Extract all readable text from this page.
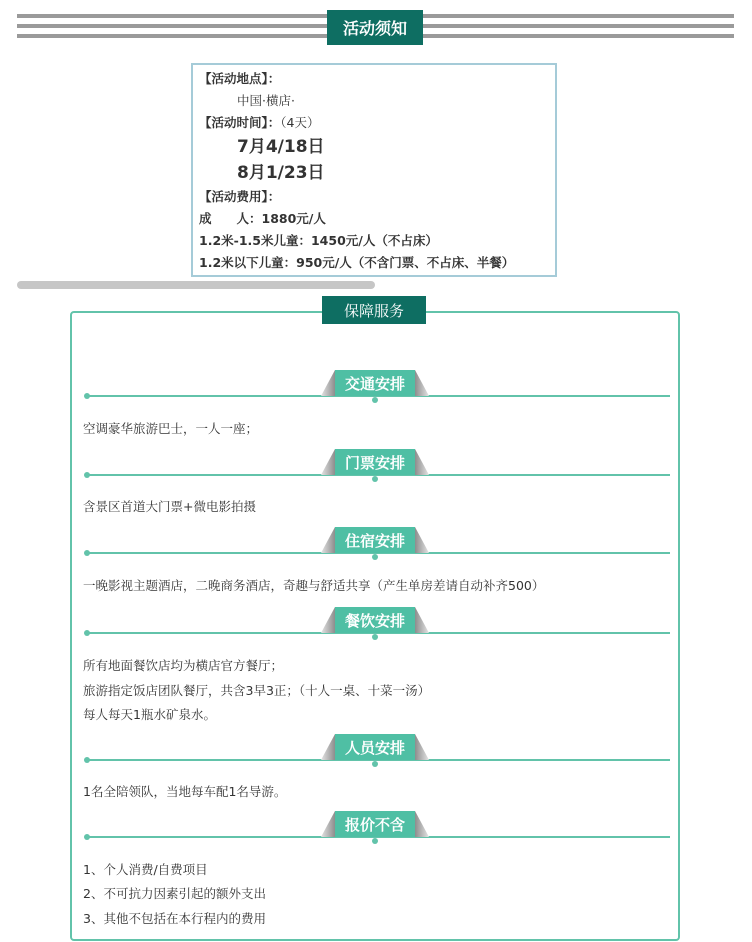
活动须知
【活动地点】：
中国·横店·
【活动时间】：（4天）
7月4/18日
8月1/23日
【活动费用】：
成　　人：1880元/人
1.2米-1.5米儿童：1450元/人（不占床）
1.2米以下儿童：950元/人（不含门票、不占床、半餐）
保障服务
交通安排
空调豪华旅游巴士，一人一座；
门票安排
含景区首道大门票+微电影拍摄
住宿安排
一晚影视主题酒店，二晚商务酒店，奇趣与舒适共享（产生单房差请自动补齐500）
餐饮安排
所有地面餐饮店均为横店官方餐厅；
旅游指定饭店团队餐厅，共含3早3正；（十人一桌、十菜一汤）
每人每天1瓶水矿泉水。
人员安排
1名全陪领队，当地每车配1名导游。
报价不含
1、个人消费/自费项目
2、不可抗力因素引起的额外支出
3、其他不包括在本行程内的费用
